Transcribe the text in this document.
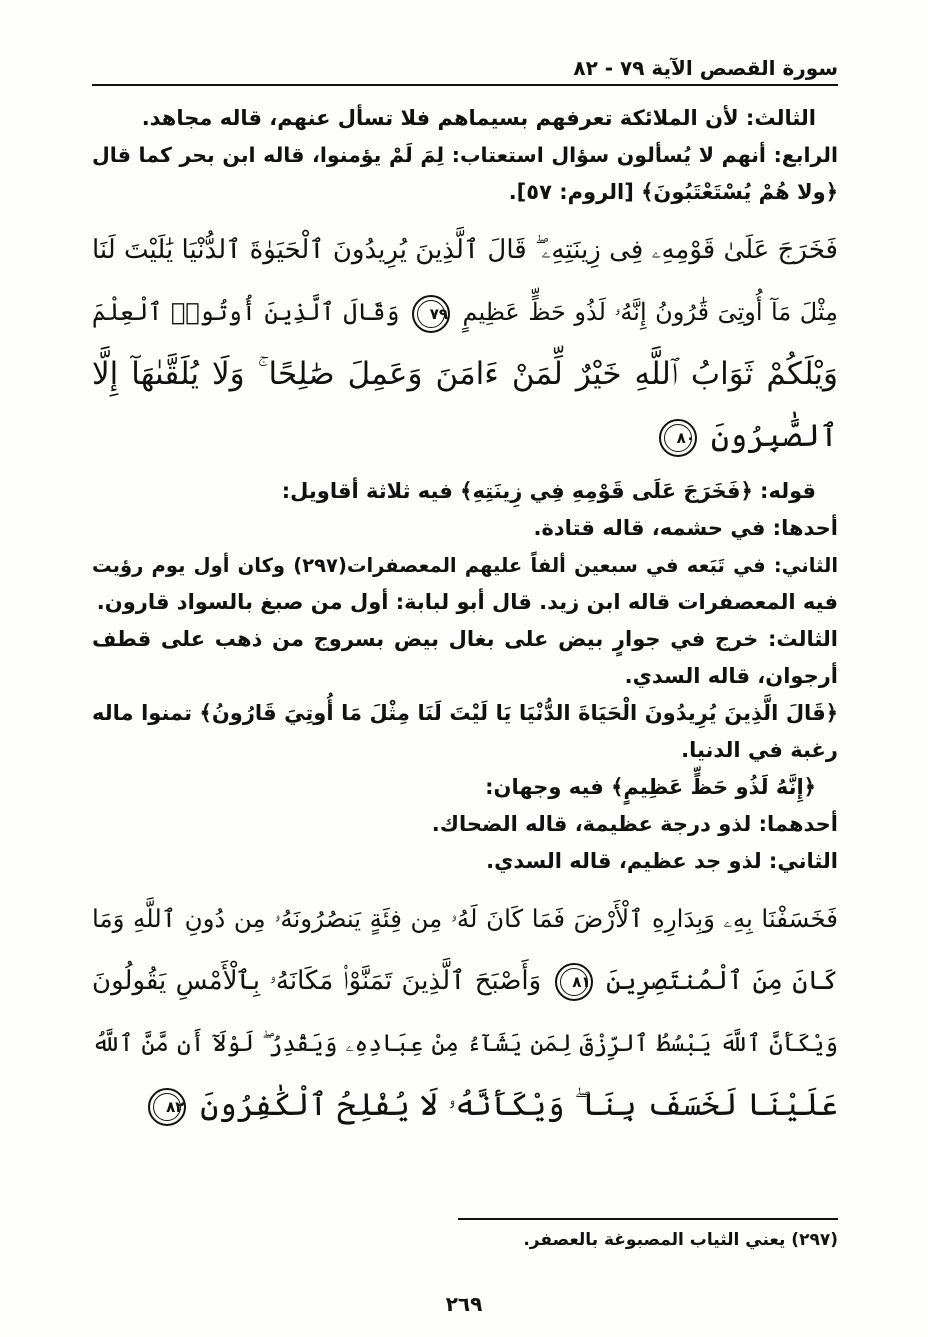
سورة القصص الآية ٧٩ - ٨٢
الثالث: لأن الملائكة تعرفهم بسيماهم فلا تسأل عنهم، قاله مجاهد.
الرابع: أنهم لا يُسألون سؤال استعتاب: لِمَ لَمْ يؤمنوا، قاله ابن بحر كما قال
﴿ولا هُمْ يُسْتَعْتَبُونَ﴾ [الروم: ٥٧].
فَخَرَجَ عَلَىٰ قَوْمِهِۦ فِى زِينَتِهِۦ ۖ قَالَ ٱلَّذِينَ يُرِيدُونَ ٱلْحَيَوٰةَ ٱلدُّنْيَا يَٰلَيْتَ لَنَا
مِثْلَ مَآ أُوتِىَ قَٰرُونُ إِنَّهُۥ لَذُو حَظٍّ عَظِيمٍ ٧٩ وَقَالَ ٱلَّذِينَ أُوتُوا۟ ٱلْعِلْمَ
وَيْلَكُمْ ثَوَابُ ٱللَّهِ خَيْرٌ لِّمَنْ ءَامَنَ وَعَمِلَ صَٰلِحًا ۚ وَلَا يُلَقَّىٰهَآ إِلَّا
ٱلصَّٰبِرُونَ ٨٠
قوله: ﴿فَخَرَجَ عَلَى قَوْمِهِ فِي زِينَتِهِ﴾ فيه ثلاثة أقاويل:
أحدها: في حشمه، قاله قتادة.
الثاني: في تَبَعه في سبعين ألفاً عليهم المعصفرات(٢٩٧) وكان أول يوم رؤيت
فيه المعصفرات قاله ابن زيد. قال أبو لبابة: أول من صبغ بالسواد قارون.
الثالث: خرج في جوارٍ بيض على بغال بيض بسروج من ذهب على قطف
أرجوان، قاله السدي.
﴿قَالَ الَّذِينَ يُرِيدُونَ الْحَيَاةَ الدُّنْيَا يَا لَيْتَ لَنَا مِثْلَ مَا أُوتِيَ قَارُونُ﴾ تمنوا ماله
رغبة في الدنيا.
﴿إِنَّهُ لَذُو حَظٍّ عَظِيمٍ﴾ فيه وجهان:
أحدهما: لذو درجة عظيمة، قاله الضحاك.
الثاني: لذو جد عظيم، قاله السدي.
فَخَسَفْنَا بِهِۦ وَبِدَارِهِ ٱلْأَرْضَ فَمَا كَانَ لَهُۥ مِن فِئَةٍ يَنصُرُونَهُۥ مِن دُونِ ٱللَّهِ وَمَا
كَانَ مِنَ ٱلْمُنتَصِرِينَ ٨١ وَأَصْبَحَ ٱلَّذِينَ تَمَنَّوْا۟ مَكَانَهُۥ بِٱلْأَمْسِ يَقُولُونَ
وَيْكَأَنَّ ٱللَّهَ يَبْسُطُ ٱلرِّزْقَ لِمَن يَشَآءُ مِنْ عِبَادِهِۦ وَيَقْدِرُ ۖ لَوْلَآ أَن مَّنَّ ٱللَّهُ
عَلَيْنَا لَخَسَفَ بِنَا ۖ وَيْكَأَنَّهُۥ لَا يُفْلِحُ ٱلْكَٰفِرُونَ ٨٢
(٢٩٧) يعني الثياب المصبوغة بالعصفر.
٢٦٩
